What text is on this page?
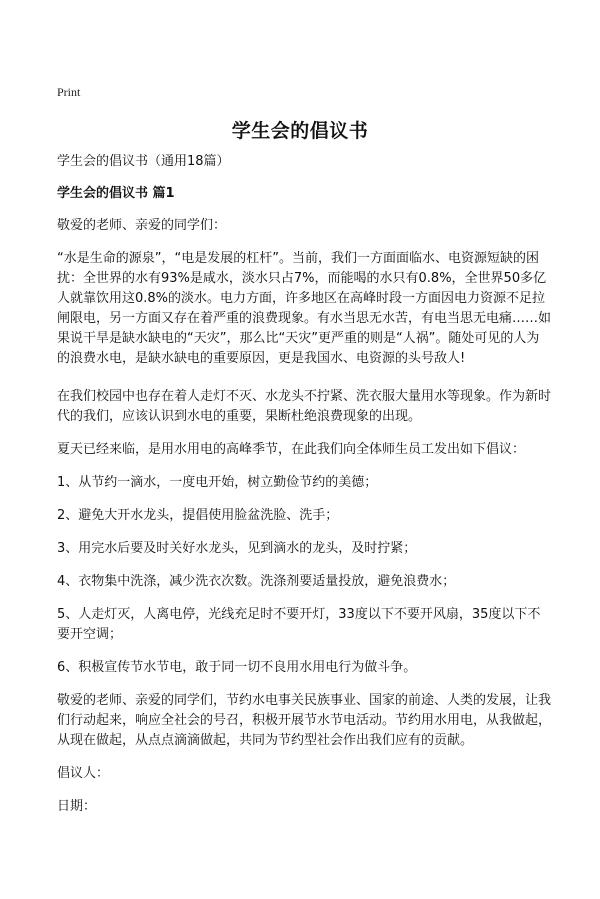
Print
学生会的倡议书

学生会的倡议书（通用18篇）

学生会的倡议书 篇1

敬爱的老师、亲爱的同学们：

“水是生命的源泉”，“电是发展的杠杆”。当前，我们一方面面临水、电资源短缺的困扰：全世界的水有93%是咸水，淡水只占7%，而能喝的水只有0.8%，全世界50多亿人就靠饮用这0.8%的淡水。电力方面，许多地区在高峰时段一方面因电力资源不足拉闸限电，另一方面又存在着严重的浪费现象。有水当思无水苦，有电当思无电痛……如果说干旱是缺水缺电的“天灾”，那么比“天灾”更严重的则是“人祸”。随处可见的人为的浪费水电，是缺水缺电的重要原因，更是我国水、电资源的头号敌人!

在我们校园中也存在着人走灯不灭、水龙头不拧紧、洗衣服大量用水等现象。作为新时代的我们，应该认识到水电的重要，果断杜绝浪费现象的出现。

夏天已经来临，是用水用电的高峰季节，在此我们向全体师生员工发出如下倡议：

1、从节约一滴水，一度电开始，树立勤俭节约的美德；

2、避免大开水龙头，提倡使用脸盆洗脸、洗手；

3、用完水后要及时关好水龙头，见到滴水的龙头，及时拧紧；

4、衣物集中洗涤，减少洗衣次数。洗涤剂要适量投放，避免浪费水；

5、人走灯灭，人离电停，光线充足时不要开灯，33度以下不要开风扇，35度以下不要开空调；

6、积极宣传节水节电，敢于同一切不良用水用电行为做斗争。

敬爱的老师、亲爱的同学们，节约水电事关民族事业、国家的前途、人类的发展，让我们行动起来，响应全社会的号召，积极开展节水节电活动。节约用水用电，从我做起，从现在做起，从点点滴滴做起，共同为节约型社会作出我们应有的贡献。

倡议人：

日期：
